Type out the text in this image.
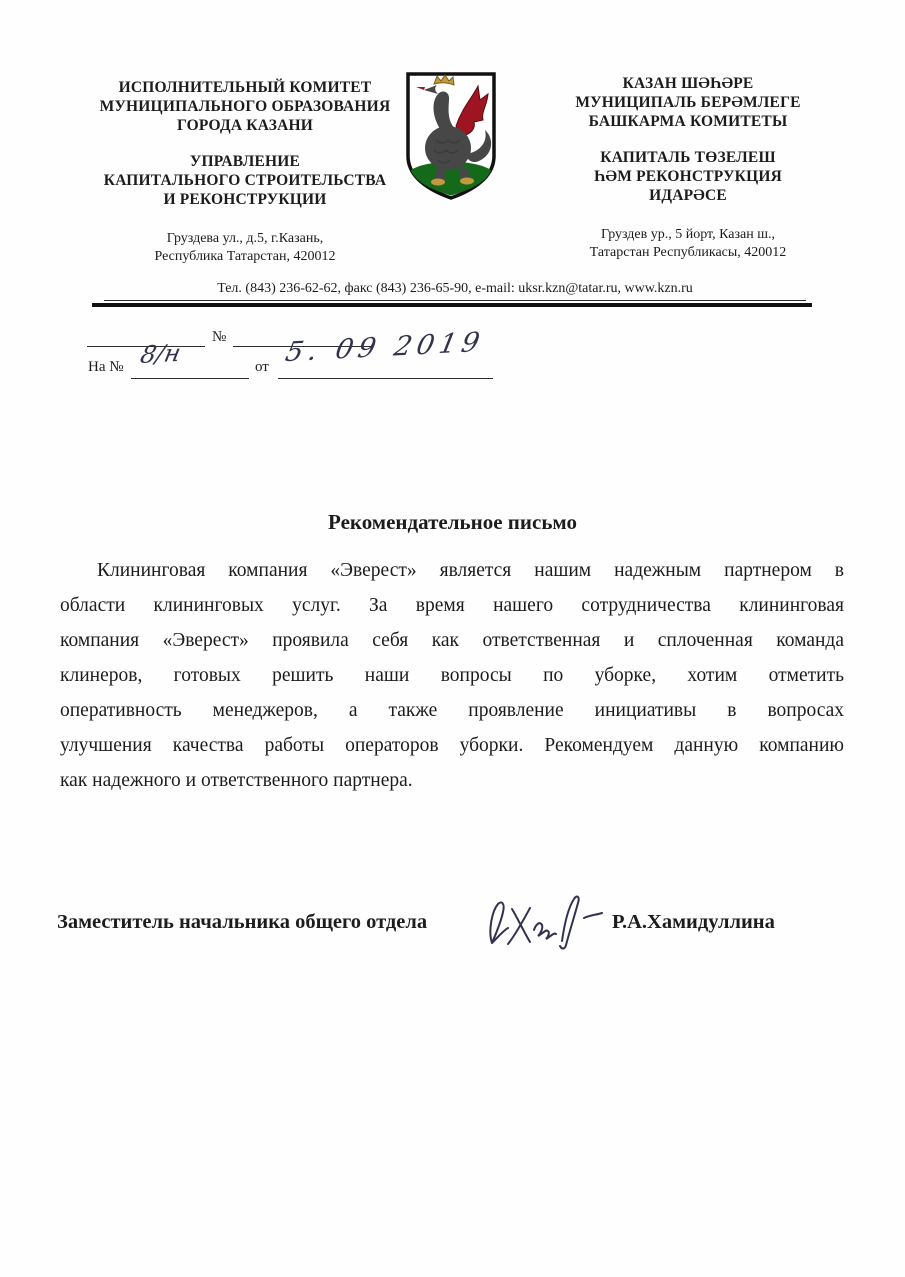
ИСПОЛНИТЕЛЬНЫЙ КОМИТЕТ
МУНИЦИПАЛЬНОГО ОБРАЗОВАНИЯ
ГОРОДА КАЗАНИ
УПРАВЛЕНИЕ
КАПИТАЛЬНОГО СТРОИТЕЛЬСТВА
И РЕКОНСТРУКЦИИ
Груздева ул., д.5, г.Казань,
Республика Татарстан, 420012
КАЗАН ШӘҺӘРЕ
МУНИЦИПАЛЬ БЕРӘМЛЕГЕ
БАШКАРМА КОМИТЕТЫ
КАПИТАЛЬ ТӨЗЕЛЕШ
ҺӘМ РЕКОНСТРУКЦИЯ
ИДАРӘСЕ
Груздев ур., 5 йорт, Казан ш.,
Татарстан Республикасы, 420012
Тел. (843) 236-62-62, факс (843) 236-65-90, e-mail: uksr.kzn@tatar.ru, www.kzn.ru
№
На № 8/н	от 5. 09 2019
Рекомендательное письмо
Клининговая компания «Эверест» является нашим надежным партнером в
области клининговых услуг. За время нашего сотрудничества клининговая
компания «Эверест» проявила себя как ответственная и сплоченная команда
клинеров, готовых решить наши вопросы по уборке, хотим отметить
оперативность менеджеров, а также проявление инициативы в вопросах
улучшения качества работы операторов уборки. Рекомендуем данную компанию
как надежного и ответственного партнера.
Заместитель начальника общего отдела	Р.А.Хамидуллина
